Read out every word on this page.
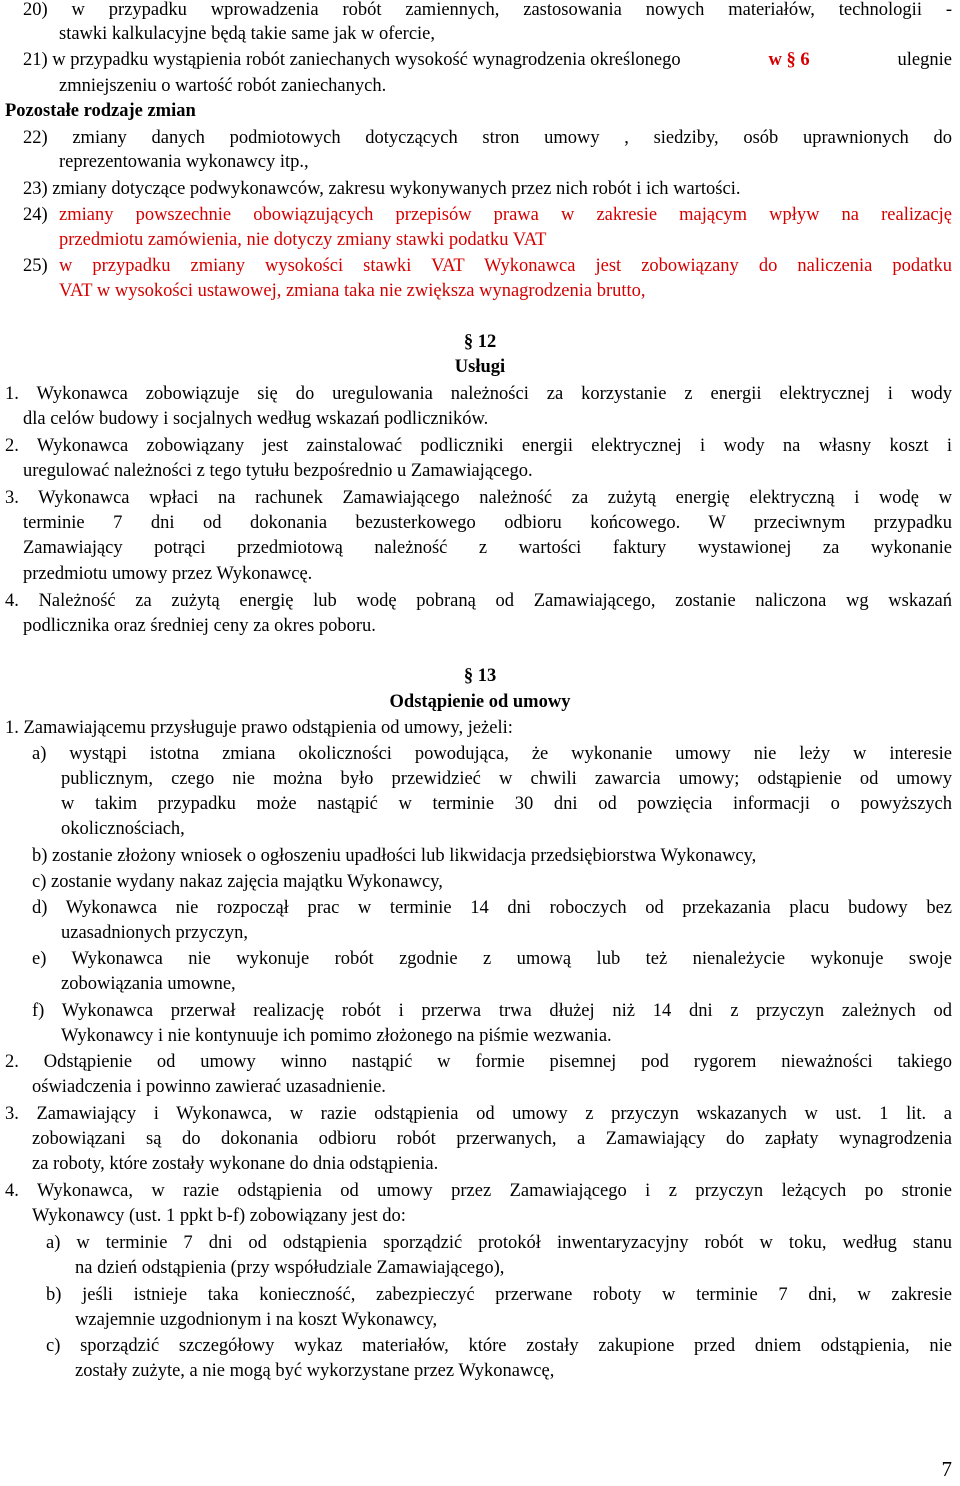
20) w przypadku wprowadzenia robót zamiennych, zastosowania nowych materiałów, technologii -
stawki kalkulacyjne będą takie same jak w ofercie,
21) w przypadku wystąpienia robót zaniechanych wysokość wynagrodzenia określonego	w § 6	ulegnie
zmniejszeniu o wartość robót zaniechanych.
Pozostałe rodzaje zmian
22) zmiany danych podmiotowych dotyczących stron umowy , siedziby, osób uprawnionych do
reprezentowania wykonawcy itp.,
23) zmiany dotyczące podwykonawców, zakresu wykonywanych przez nich robót i ich wartości.
24) zmiany powszechnie obowiązujących przepisów prawa w zakresie mającym wpływ na realizację
przedmiotu zamówienia, nie dotyczy zmiany stawki podatku VAT
25) w przypadku zmiany wysokości stawki VAT Wykonawca jest zobowiązany do naliczenia podatku
VAT w wysokości ustawowej, zmiana taka nie zwiększa wynagrodzenia brutto,
§ 12
Usługi
1. Wykonawca zobowiązuje się do uregulowania należności za korzystanie z energii elektrycznej i wody
dla celów budowy i socjalnych według wskazań podliczników.
2. Wykonawca zobowiązany jest zainstalować podliczniki energii elektrycznej i wody na własny koszt i
uregulować należności z tego tytułu bezpośrednio u Zamawiającego.
3. Wykonawca wpłaci na rachunek Zamawiającego należność za zużytą energię elektryczną i wodę w
terminie 7 dni od dokonania bezusterkowego odbioru końcowego. W przeciwnym przypadku
Zamawiający potrąci przedmiotową należność z wartości faktury wystawionej za wykonanie
przedmiotu umowy przez Wykonawcę.
4. Należność za zużytą energię lub wodę pobraną od Zamawiającego, zostanie naliczona wg wskazań
podlicznika oraz średniej ceny za okres poboru.
§ 13
Odstąpienie od umowy
1. Zamawiającemu przysługuje prawo odstąpienia od umowy, jeżeli:
a) wystąpi istotna zmiana okoliczności powodująca, że wykonanie umowy nie leży w interesie
publicznym, czego nie można było przewidzieć w chwili zawarcia umowy; odstąpienie od umowy
w takim przypadku może nastąpić w terminie 30 dni od powzięcia informacji o powyższych
okolicznościach,
b) zostanie złożony wniosek o ogłoszeniu upadłości lub likwidacja przedsiębiorstwa Wykonawcy,
c) zostanie wydany nakaz zajęcia majątku Wykonawcy,
d) Wykonawca nie rozpoczął prac w terminie 14 dni roboczych od przekazania placu budowy bez
uzasadnionych przyczyn,
e) Wykonawca nie wykonuje robót zgodnie z umową lub też nienależycie wykonuje swoje
zobowiązania umowne,
f) Wykonawca przerwał realizację robót i przerwa trwa dłużej niż 14 dni z przyczyn zależnych od
Wykonawcy i nie kontynuuje ich pomimo złożonego na piśmie wezwania.
2. Odstąpienie od umowy winno nastąpić w formie pisemnej pod rygorem nieważności takiego
oświadczenia i powinno zawierać uzasadnienie.
3. Zamawiający i Wykonawca, w razie odstąpienia od umowy z przyczyn wskazanych w ust. 1 lit. a
zobowiązani są do dokonania odbioru robót przerwanych, a Zamawiający do zapłaty wynagrodzenia
za roboty, które zostały wykonane do dnia odstąpienia.
4. Wykonawca, w razie odstąpienia od umowy przez Zamawiającego i z przyczyn leżących po stronie
Wykonawcy (ust. 1 ppkt b-f) zobowiązany jest do:
a) w terminie 7 dni od odstąpienia sporządzić protokół inwentaryzacyjny robót w toku, według stanu
na dzień odstąpienia (przy współudziale Zamawiającego),
b) jeśli istnieje taka konieczność, zabezpieczyć przerwane roboty w terminie 7 dni, w zakresie
wzajemnie uzgodnionym i na koszt Wykonawcy,
c) sporządzić szczegółowy wykaz materiałów, które zostały zakupione przed dniem odstąpienia, nie
zostały zużyte, a nie mogą być wykorzystane przez Wykonawcę,
7
